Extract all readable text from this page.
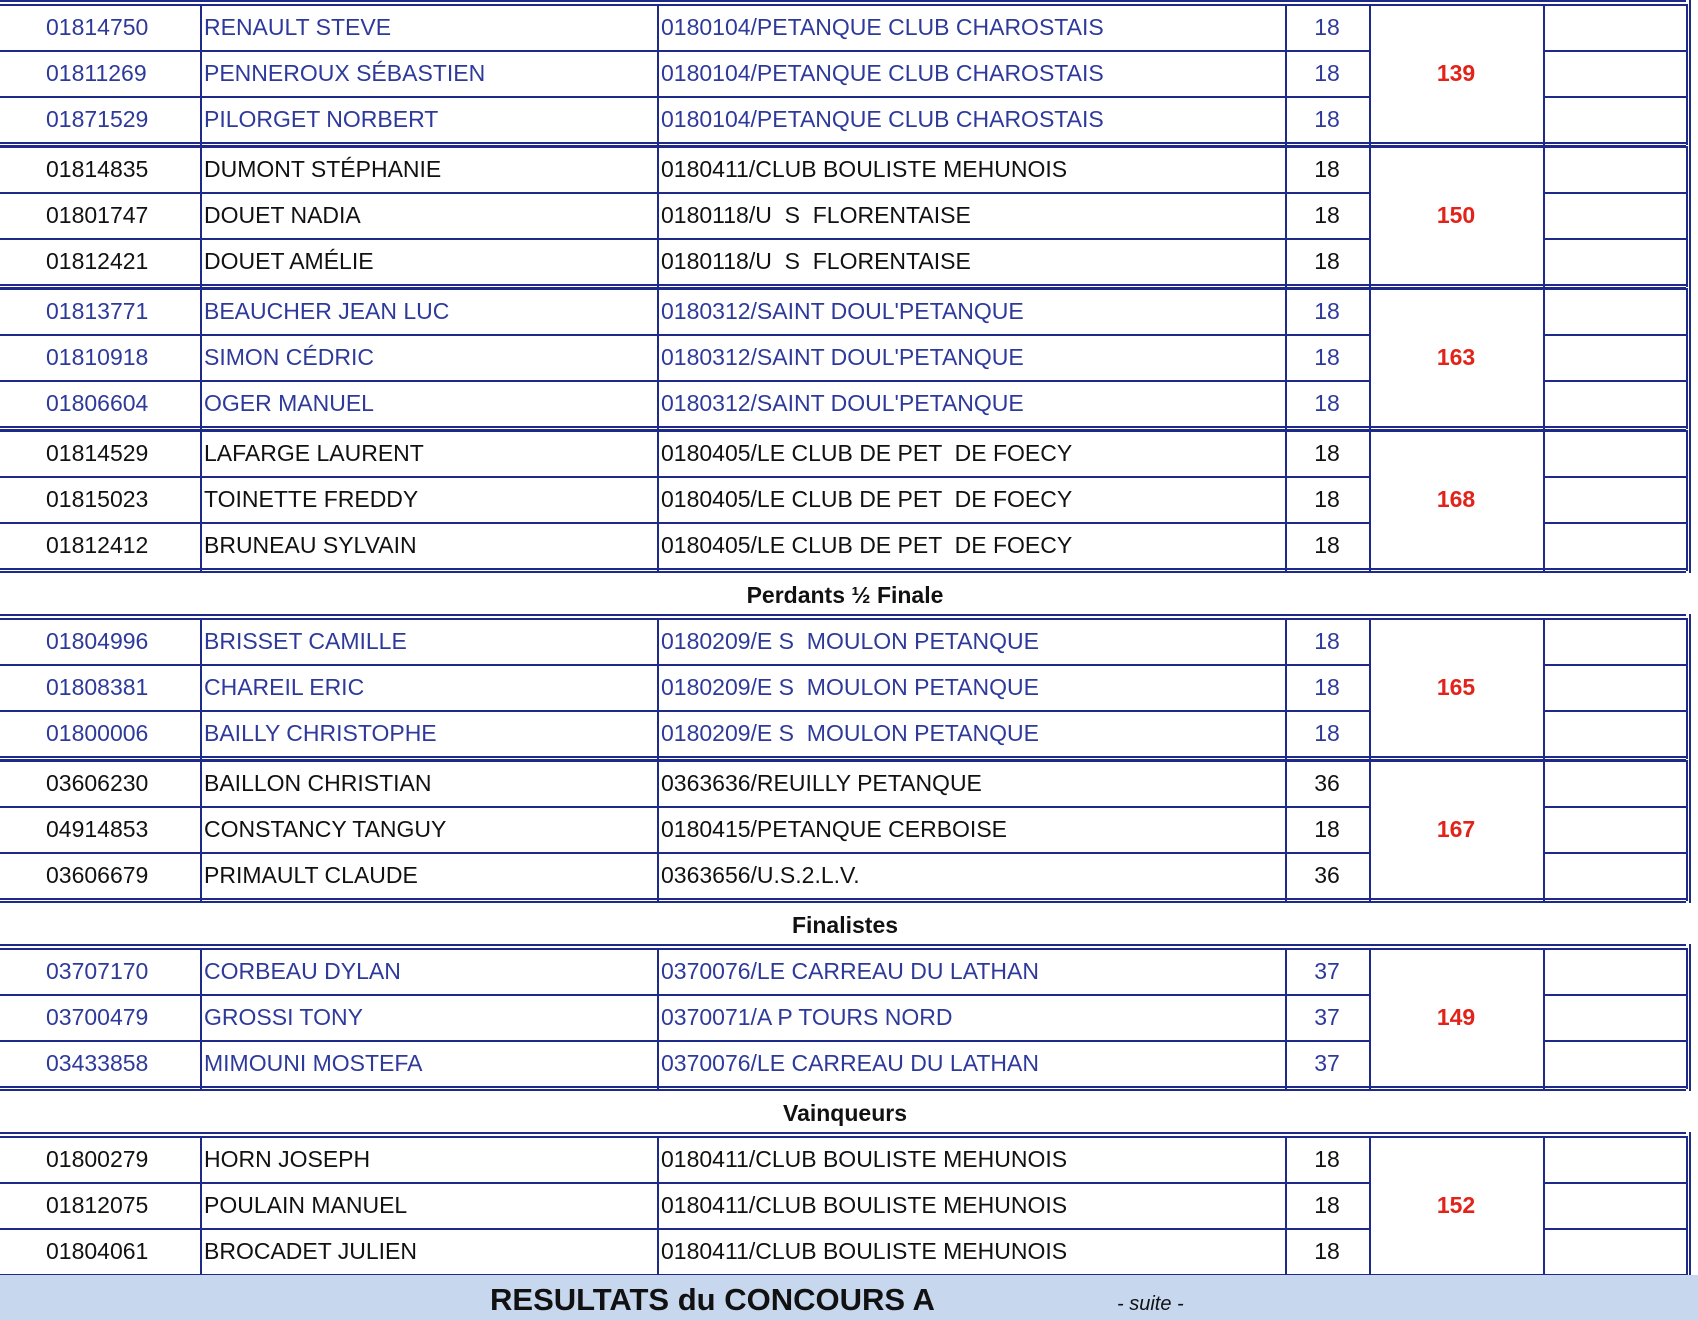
01814750	RENAULT STEVE	0180104/PETANQUE CLUB CHAROSTAIS	18
01811269	PENNEROUX SÉBASTIEN	0180104/PETANQUE CLUB CHAROSTAIS	18
01871529	PILORGET NORBERT	0180104/PETANQUE CLUB CHAROSTAIS	18
139
01814835	DUMONT STÉPHANIE	0180411/CLUB BOULISTE MEHUNOIS	18
01801747	DOUET NADIA	0180118/U  S  FLORENTAISE	18
01812421	DOUET AMÉLIE	0180118/U  S  FLORENTAISE	18
150
01813771	BEAUCHER JEAN LUC	0180312/SAINT DOUL'PETANQUE	18
01810918	SIMON CÉDRIC	0180312/SAINT DOUL'PETANQUE	18
01806604	OGER MANUEL	0180312/SAINT DOUL'PETANQUE	18
163
01814529	LAFARGE LAURENT	0180405/LE CLUB DE PET  DE FOECY	18
01815023	TOINETTE FREDDY	0180405/LE CLUB DE PET  DE FOECY	18
01812412	BRUNEAU SYLVAIN	0180405/LE CLUB DE PET  DE FOECY	18
168
Perdants ½ Finale
01804996	BRISSET CAMILLE	0180209/E S  MOULON PETANQUE	18
01808381	CHAREIL ERIC	0180209/E S  MOULON PETANQUE	18
01800006	BAILLY CHRISTOPHE	0180209/E S  MOULON PETANQUE	18
165
03606230	BAILLON CHRISTIAN	0363636/REUILLY PETANQUE	36
04914853	CONSTANCY TANGUY	0180415/PETANQUE CERBOISE	18
03606679	PRIMAULT CLAUDE	0363656/U.S.2.L.V.	36
167
Finalistes
03707170	CORBEAU DYLAN	0370076/LE CARREAU DU LATHAN	37
03700479	GROSSI TONY	0370071/A P TOURS NORD	37
03433858	MIMOUNI MOSTEFA	0370076/LE CARREAU DU LATHAN	37
149
Vainqueurs
01800279	HORN JOSEPH	0180411/CLUB BOULISTE MEHUNOIS	18
01812075	POULAIN MANUEL	0180411/CLUB BOULISTE MEHUNOIS	18
01804061	BROCADET JULIEN	0180411/CLUB BOULISTE MEHUNOIS	18
152
RESULTATS du CONCOURS A	- suite -
